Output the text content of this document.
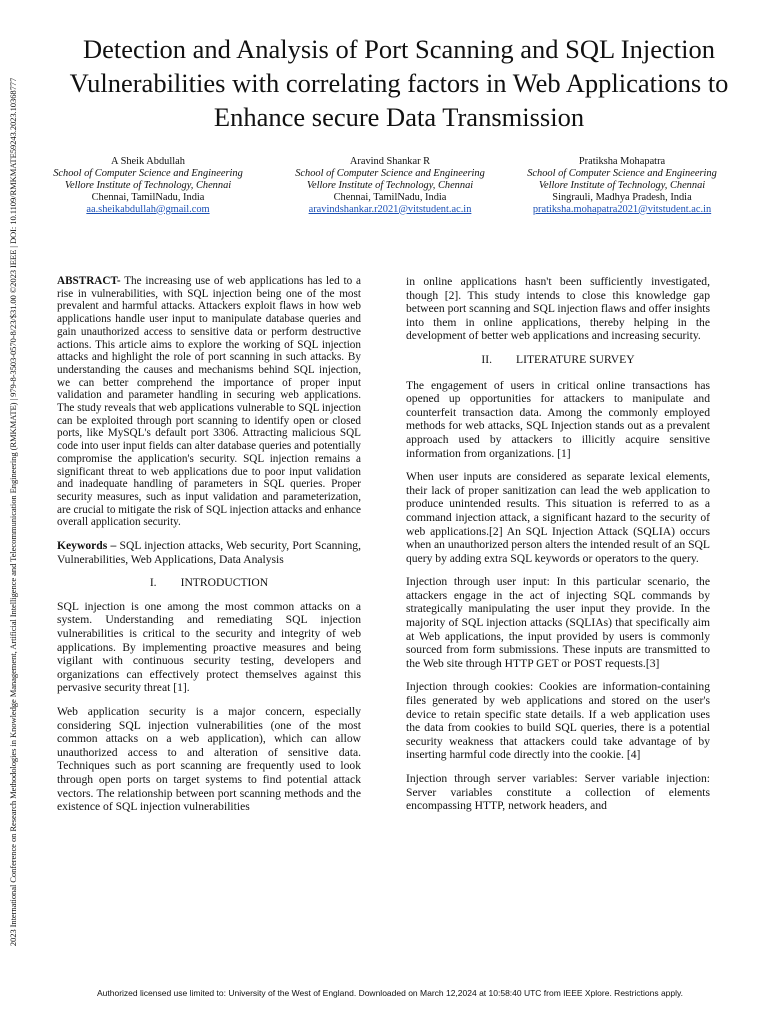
2023 International Conference on Research Methodologies in Knowledge Management, Artificial Intelligence and Telecommunication Engineering (RMKMATE) | 979-8-3503-0570-8/23/$31.00 ©2023 IEEE | DOI: 10.1109/RMKMATE59243.2023.10368777
Detection and Analysis of Port Scanning and SQL Injection Vulnerabilities with correlating factors in Web Applications to Enhance secure Data Transmission
A Sheik Abdullah
School of Computer Science and Engineering
Vellore Institute of Technology, Chennai
Chennai, TamilNadu, India
aa.sheikabdullah@gmail.com
Aravind Shankar R
School of Computer Science and Engineering
Vellore Institute of Technology, Chennai
Chennai, TamilNadu, India
aravindshankar.r2021@vitstudent.ac.in
Pratiksha Mohapatra
School of Computer Science and Engineering
Vellore Institute of Technology, Chennai
Singrauli, Madhya Pradesh, India
pratiksha.mohapatra2021@vitstudent.ac.in

ABSTRACT- The increasing use of web applications has led to a rise in vulnerabilities, with SQL injection being one of the most prevalent and harmful attacks. Attackers exploit flaws in how web applications handle user input to manipulate database queries and gain unauthorized access to sensitive data or perform destructive actions. This article aims to explore the working of SQL injection attacks and highlight the role of port scanning in such attacks. By understanding the causes and mechanisms behind SQL injection, we can better comprehend the importance of proper input validation and parameter handling in securing web applications. The study reveals that web applications vulnerable to SQL injection can be exploited through port scanning to identify open or closed ports, like MySQL's default port 3306. Attracting malicious SQL code into user input fields can alter database queries and potentially compromise the application's security. SQL injection remains a significant threat to web applications due to poor input validation and inadequate handling of parameters in SQL queries. Proper security measures, such as input validation and parameterization, are crucial to mitigate the risk of SQL injection attacks and enhance overall application security.

Keywords – SQL injection attacks, Web security, Port Scanning, Vulnerabilities, Web Applications, Data Analysis

I. INTRODUCTION

SQL injection is one among the most common attacks on a system. Understanding and remediating SQL injection vulnerabilities is critical to the security and integrity of web applications. By implementing proactive measures and being vigilant with continuous security testing, developers and organizations can effectively protect themselves against this pervasive security threat [1].

Web application security is a major concern, especially considering SQL injection vulnerabilities (one of the most common attacks on a web application), which can allow unauthorized access to and alteration of sensitive data. Techniques such as port scanning are frequently used to look through open ports on target systems to find potential attack vectors. The relationship between port scanning methods and the existence of SQL injection vulnerabilities

in online applications hasn't been sufficiently investigated, though [2]. This study intends to close this knowledge gap between port scanning and SQL injection flaws and offer insights into them in online applications, thereby helping in the development of better web applications and increasing security.

II. LITERATURE SURVEY

The engagement of users in critical online transactions has opened up opportunities for attackers to manipulate and counterfeit transaction data. Among the commonly employed methods for web attacks, SQL Injection stands out as a prevalent approach used by attackers to illicitly acquire sensitive information from organizations. [1]

When user inputs are considered as separate lexical elements, their lack of proper sanitization can lead the web application to produce unintended results. This situation is referred to as a command injection attack, a significant hazard to the security of web applications.[2] An SQL Injection Attack (SQLIA) occurs when an unauthorized person alters the intended result of an SQL query by adding extra SQL keywords or operators to the query.

Injection through user input: In this particular scenario, the attackers engage in the act of injecting SQL commands by strategically manipulating the user input they provide. In the majority of SQL injection attacks (SQLIAs) that specifically aim at Web applications, the input provided by users is commonly sourced from form submissions. These inputs are transmitted to the Web site through HTTP GET or POST requests.[3]

Injection through cookies: Cookies are information-containing files generated by web applications and stored on the user's device to retain specific state details. If a web application uses the data from cookies to build SQL queries, there is a potential security weakness that attackers could take advantage of by inserting harmful code directly into the cookie. [4]

Injection through server variables: Server variable injection: Server variables constitute a collection of elements encompassing HTTP, network headers, and

Authorized licensed use limited to: University of the West of England. Downloaded on March 12,2024 at 10:58:40 UTC from IEEE Xplore. Restrictions apply.
